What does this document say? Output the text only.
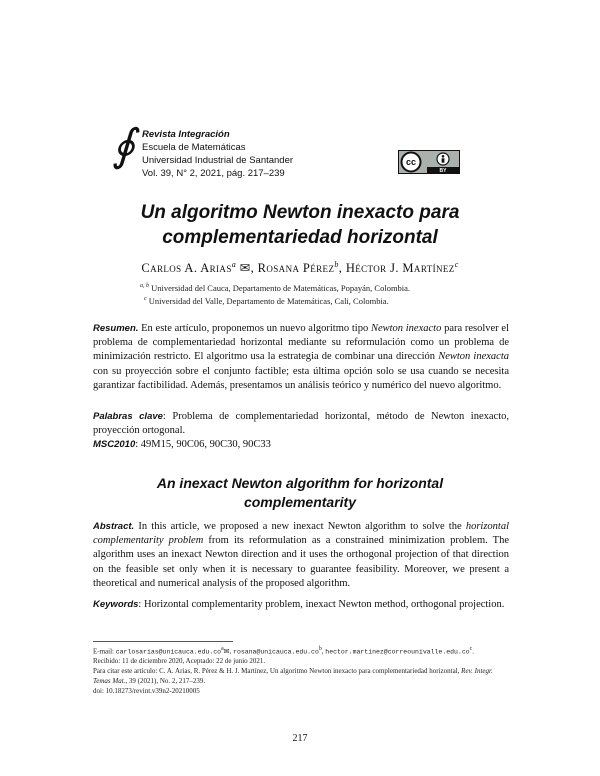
∮ Revista Integración
Escuela de Matemáticas
Universidad Industrial de Santander
Vol. 39, N° 2, 2021, pág. 217–239
cc
BY
Un algoritmo Newton inexacto para
complementariedad horizontal
Carlos A. Arias$^a$ ✉, Rosana Pérez$^b$, Héctor J. Martínez$^c$
$^{a, b}$ Universidad del Cauca, Departamento de Matemáticas, Popayán, Colombia.
$^c$ Universidad del Valle, Departamento de Matemáticas, Cali, Colombia.
Resumen. En este artículo, proponemos un nuevo algoritmo tipo Newton inexacto para resolver el problema de complementariedad horizontal mediante su reformulación como un problema de minimización restricto. El algoritmo usa la estrategia de combinar una dirección Newton inexacta con su proyección sobre el conjunto factible; esta última opción solo se usa cuando se necesita garantizar factibilidad. Además, presentamos un análisis teórico y numérico del nuevo algoritmo.
Palabras clave: Problema de complementariedad horizontal, método de Newton inexacto, proyección ortogonal.
MSC2010: 49M15, 90C06, 90C30, 90C33
An inexact Newton algorithm for horizontal
complementarity
Abstract. In this article, we proposed a new inexact Newton algorithm to solve the horizontal complementarity problem from its reformulation as a constrained minimization problem. The algorithm uses an inexact Newton direction and it uses the orthogonal projection of that direction on the feasible set only when it is necessary to guarantee feasibility. Moreover, we present a theoretical and numerical analysis of the proposed algorithm.
Keywords: Horizontal complementarity problem, inexact Newton method, orthogonal projection.
E-mail: $carlosarias@unicauca.edu.co^a✉$, $rosana@unicauca.edu.co^b$, $hector.martinez@correounivalle.edu.co^c$.
Recibido: 11 de diciembre 2020, Aceptado: 22 de junio 2021.
Para citar este artículo: C. A. Arias, R. Pérez & H. J. Martínez, Un algoritmo Newton inexacto para complementariedad horizontal, Rev. Integr. Temas Mat., 39 (2021), No. 2, 217–239.
doi: 10.18273/revint.v39n2-20210005
217
